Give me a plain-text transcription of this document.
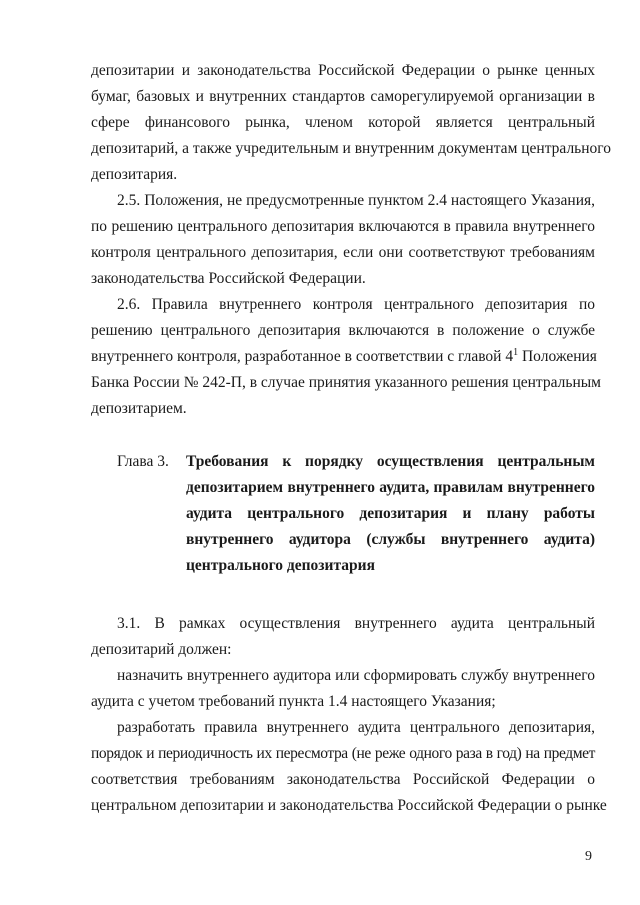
депозитарии и законодательства Российской Федерации о рынке ценных
бумаг, базовых и внутренних стандартов саморегулируемой организации в
сфере финансового рынка, членом которой является центральный
депозитарий, а также учредительным и внутренним документам центрального
депозитария.
2.5. Положения, не предусмотренные пунктом 2.4 настоящего Указания,
по решению центрального депозитария включаются в правила внутреннего
контроля центрального депозитария, если они соответствуют требованиям
законодательства Российской Федерации.
2.6. Правила внутреннего контроля центрального депозитария по
решению центрального депозитария включаются в положение о службе
внутреннего контроля, разработанное в соответствии с главой 4 $^1$ Положения
Банка России № 242-П, в случае принятия указанного решения центральным
депозитарием.
Глава 3. Требования к порядку осуществления центральным
депозитарием внутреннего аудита, правилам внутреннего
аудита центрального депозитария и плану работы
внутреннего аудитора (службы внутреннего аудита)
центрального депозитария
3.1. В рамках осуществления внутреннего аудита центральный
депозитарий должен:
назначить внутреннего аудитора или сформировать службу внутреннего
аудита с учетом требований пункта 1.4 настоящего Указания;
разработать правила внутреннего аудита центрального депозитария,
порядок и периодичность их пересмотра (не реже одного раза в год) на предмет
соответствия требованиям законодательства Российской Федерации о
центральном депозитарии и законодательства Российской Федерации о рынке
9
